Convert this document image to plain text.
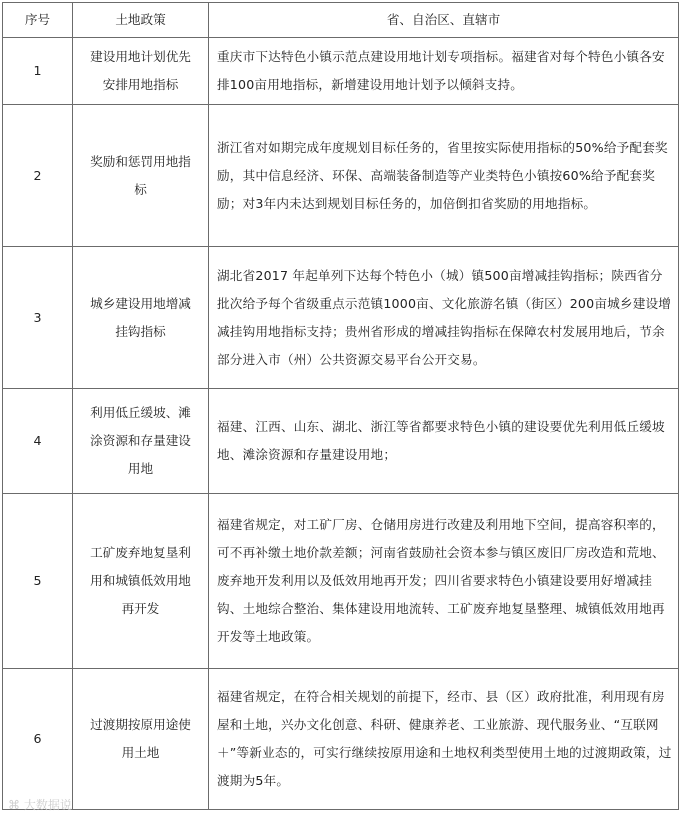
序号	土地政策	省、自治区、直辖市
1	建设用地计划优先安排用地指标	重庆市下达特色小镇示范点建设用地计划专项指标。福建省对每个特色小镇各安排100亩用地指标，新增建设用地计划予以倾斜支持。

2	奖励和惩罚用地指标	浙江省对如期完成年度规划目标任务的，省里按实际使用指标的50%给予配套奖励，其中信息经济、环保、高端装备制造等产业类特色小镇按60%给予配套奖励；对3年内未达到规划目标任务的，加倍倒扣省奖励的用地指标。

3	城乡建设用地增减挂钩指标	湖北省2017 年起单列下达每个特色小（城）镇500亩增减挂钩指标；陕西省分批次给予每个省级重点示范镇1000亩、文化旅游名镇（街区）200亩城乡建设增减挂钩用地指标支持；贵州省形成的增减挂钩指标在保障农村发展用地后，节余部分进入市（州）公共资源交易平台公开交易。

4	利用低丘缓坡、滩涂资源和存量建设用地	福建、江西、山东、湖北、浙江等省都要求特色小镇的建设要优先利用低丘缓坡地、滩涂资源和存量建设用地；

5	工矿废弃地复垦利用和城镇低效用地再开发	福建省规定，对工矿厂房、仓储用房进行改建及利用地下空间，提高容积率的，可不再补缴土地价款差额；河南省鼓励社会资本参与镇区废旧厂房改造和荒地、废弃地开发利用以及低效用地再开发；四川省要求特色小镇建设要用好增减挂钩、土地综合整治、集体建设用地流转、工矿废弃地复垦整理、城镇低效用地再开发等土地政策。

6	过渡期按原用途使用土地	福建省规定，在符合相关规划的前提下，经市、县（区）政府批准，利用现有房屋和土地，兴办文化创意、科研、健康养老、工业旅游、现代服务业、“互联网＋”等新业态的，可实行继续按原用途和土地权利类型使用土地的过渡期政策，过渡期为5年。
⌘ 大数据说
